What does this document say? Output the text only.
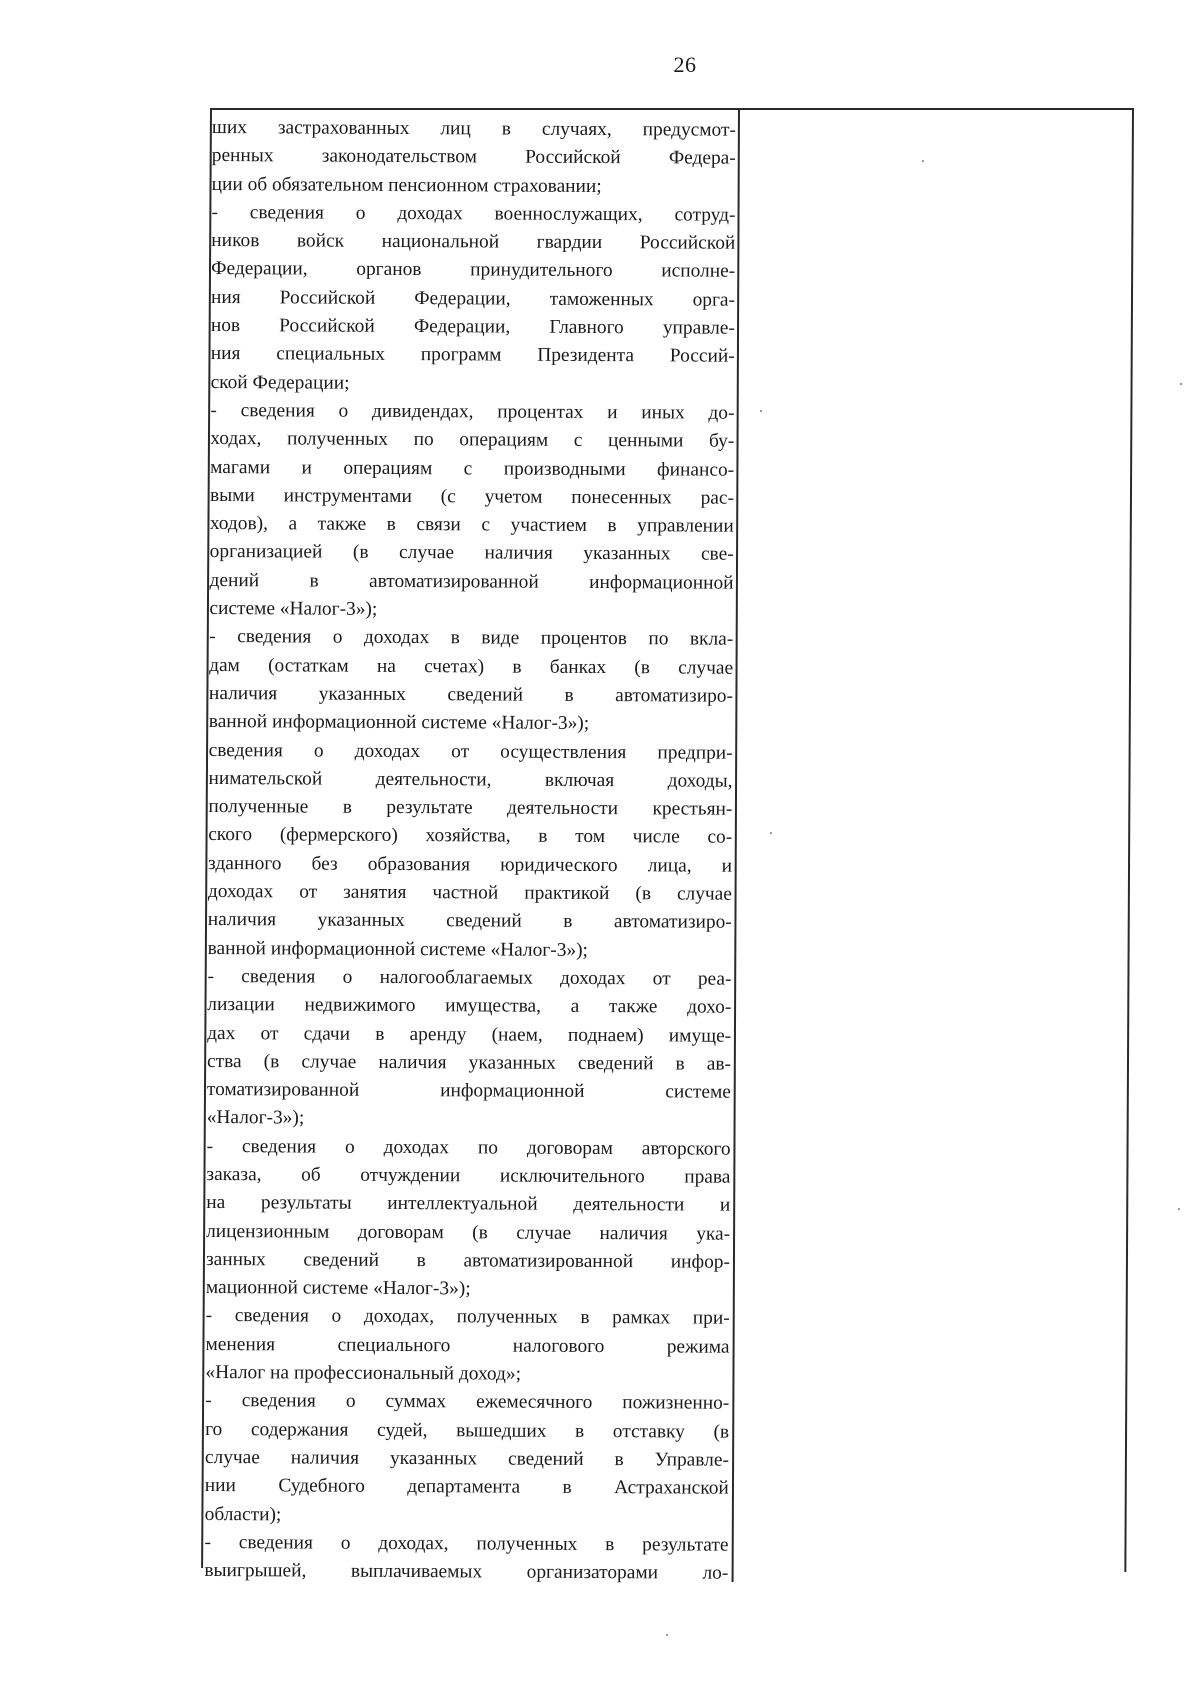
26
ших застрахованных лиц в случаях, предусмот-
ренных законодательством Российской Федера-
ции об обязательном пенсионном страховании;
- сведения о доходах военнослужащих, сотруд-
ников войск национальной гвардии Российской
Федерации, органов принудительного исполне-
ния Российской Федерации, таможенных орга-
нов Российской Федерации, Главного управле-
ния специальных программ Президента Россий-
ской Федерации;
- сведения о дивидендах, процентах и иных до-
ходах, полученных по операциям с ценными бу-
магами и операциям с производными финансо-
выми инструментами (с учетом понесенных рас-
ходов), а также в связи с участием в управлении
организацией (в случае наличия указанных све-
дений в автоматизированной информационной
системе «Налог-3»);
- сведения о доходах в виде процентов по вкла-
дам (остаткам на счетах) в банках (в случае
наличия указанных сведений в автоматизиро-
ванной информационной системе «Налог-3»);
сведения о доходах от осуществления предпри-
нимательской деятельности, включая доходы,
полученные в результате деятельности крестьян-
ского (фермерского) хозяйства, в том числе со-
зданного без образования юридического лица, и
доходах от занятия частной практикой (в случае
наличия указанных сведений в автоматизиро-
ванной информационной системе «Налог-3»);
- сведения о налогооблагаемых доходах от реа-
лизации недвижимого имущества, а также дохо-
дах от сдачи в аренду (наем, поднаем) имуще-
ства (в случае наличия указанных сведений в ав-
томатизированной информационной системе
«Налог-3»);
- сведения о доходах по договорам авторского
заказа, об отчуждении исключительного права
на результаты интеллектуальной деятельности и
лицензионным договорам (в случае наличия ука-
занных сведений в автоматизированной инфор-
мационной системе «Налог-3»);
- сведения о доходах, полученных в рамках при-
менения специального налогового режима
«Налог на профессиональный доход»;
- сведения о суммах ежемесячного пожизненно-
го содержания судей, вышедших в отставку (в
случае наличия указанных сведений в Управле-
нии Судебного департамента в Астраханской
области);
- сведения о доходах, полученных в результате
выигрышей, выплачиваемых организаторами ло-
